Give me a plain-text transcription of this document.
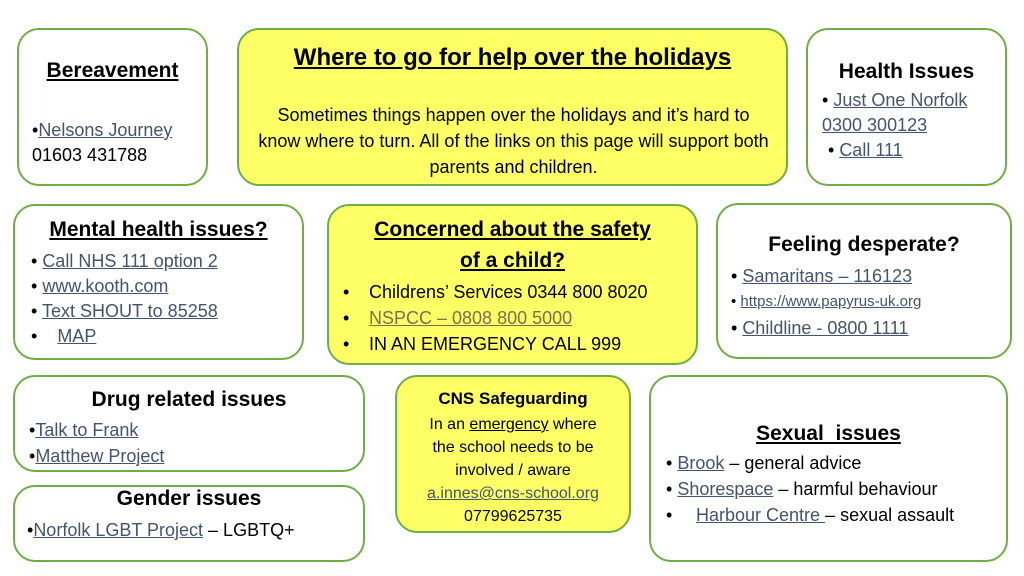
Bereavement
•Nelsons Journey
01603 431788
Where to go for help over the holidays
Sometimes things happen over the holidays and it’s hard to know where to turn. All of the links on this page will support both parents and children.
Health Issues
• Just One Norfolk
0300 300123
• Call 111
Mental health issues?
• Call NHS 111 option 2
• www.kooth.com
• Text SHOUT to 85258
•    MAP
Concerned about the safety
of a child?
• Childrens’ Services 0344 800 8020
• NSPCC – 0808 800 5000
• IN AN EMERGENCY CALL 999
Feeling desperate?
• Samaritans – 116123
• https://www.papyrus-uk.org
• Childline - 0800 1111
Drug related issues
•Talk to Frank
•Matthew Project
CNS Safeguarding
In an emergency where
the school needs to be
involved / aware
a.innes@cns-school.org
07799625735
Sexual  issues
• Brook – general advice
• Shorespace – harmful behaviour
• Harbour Centre – sexual assault
Gender issues
•Norfolk LGBT Project – LGBTQ+
